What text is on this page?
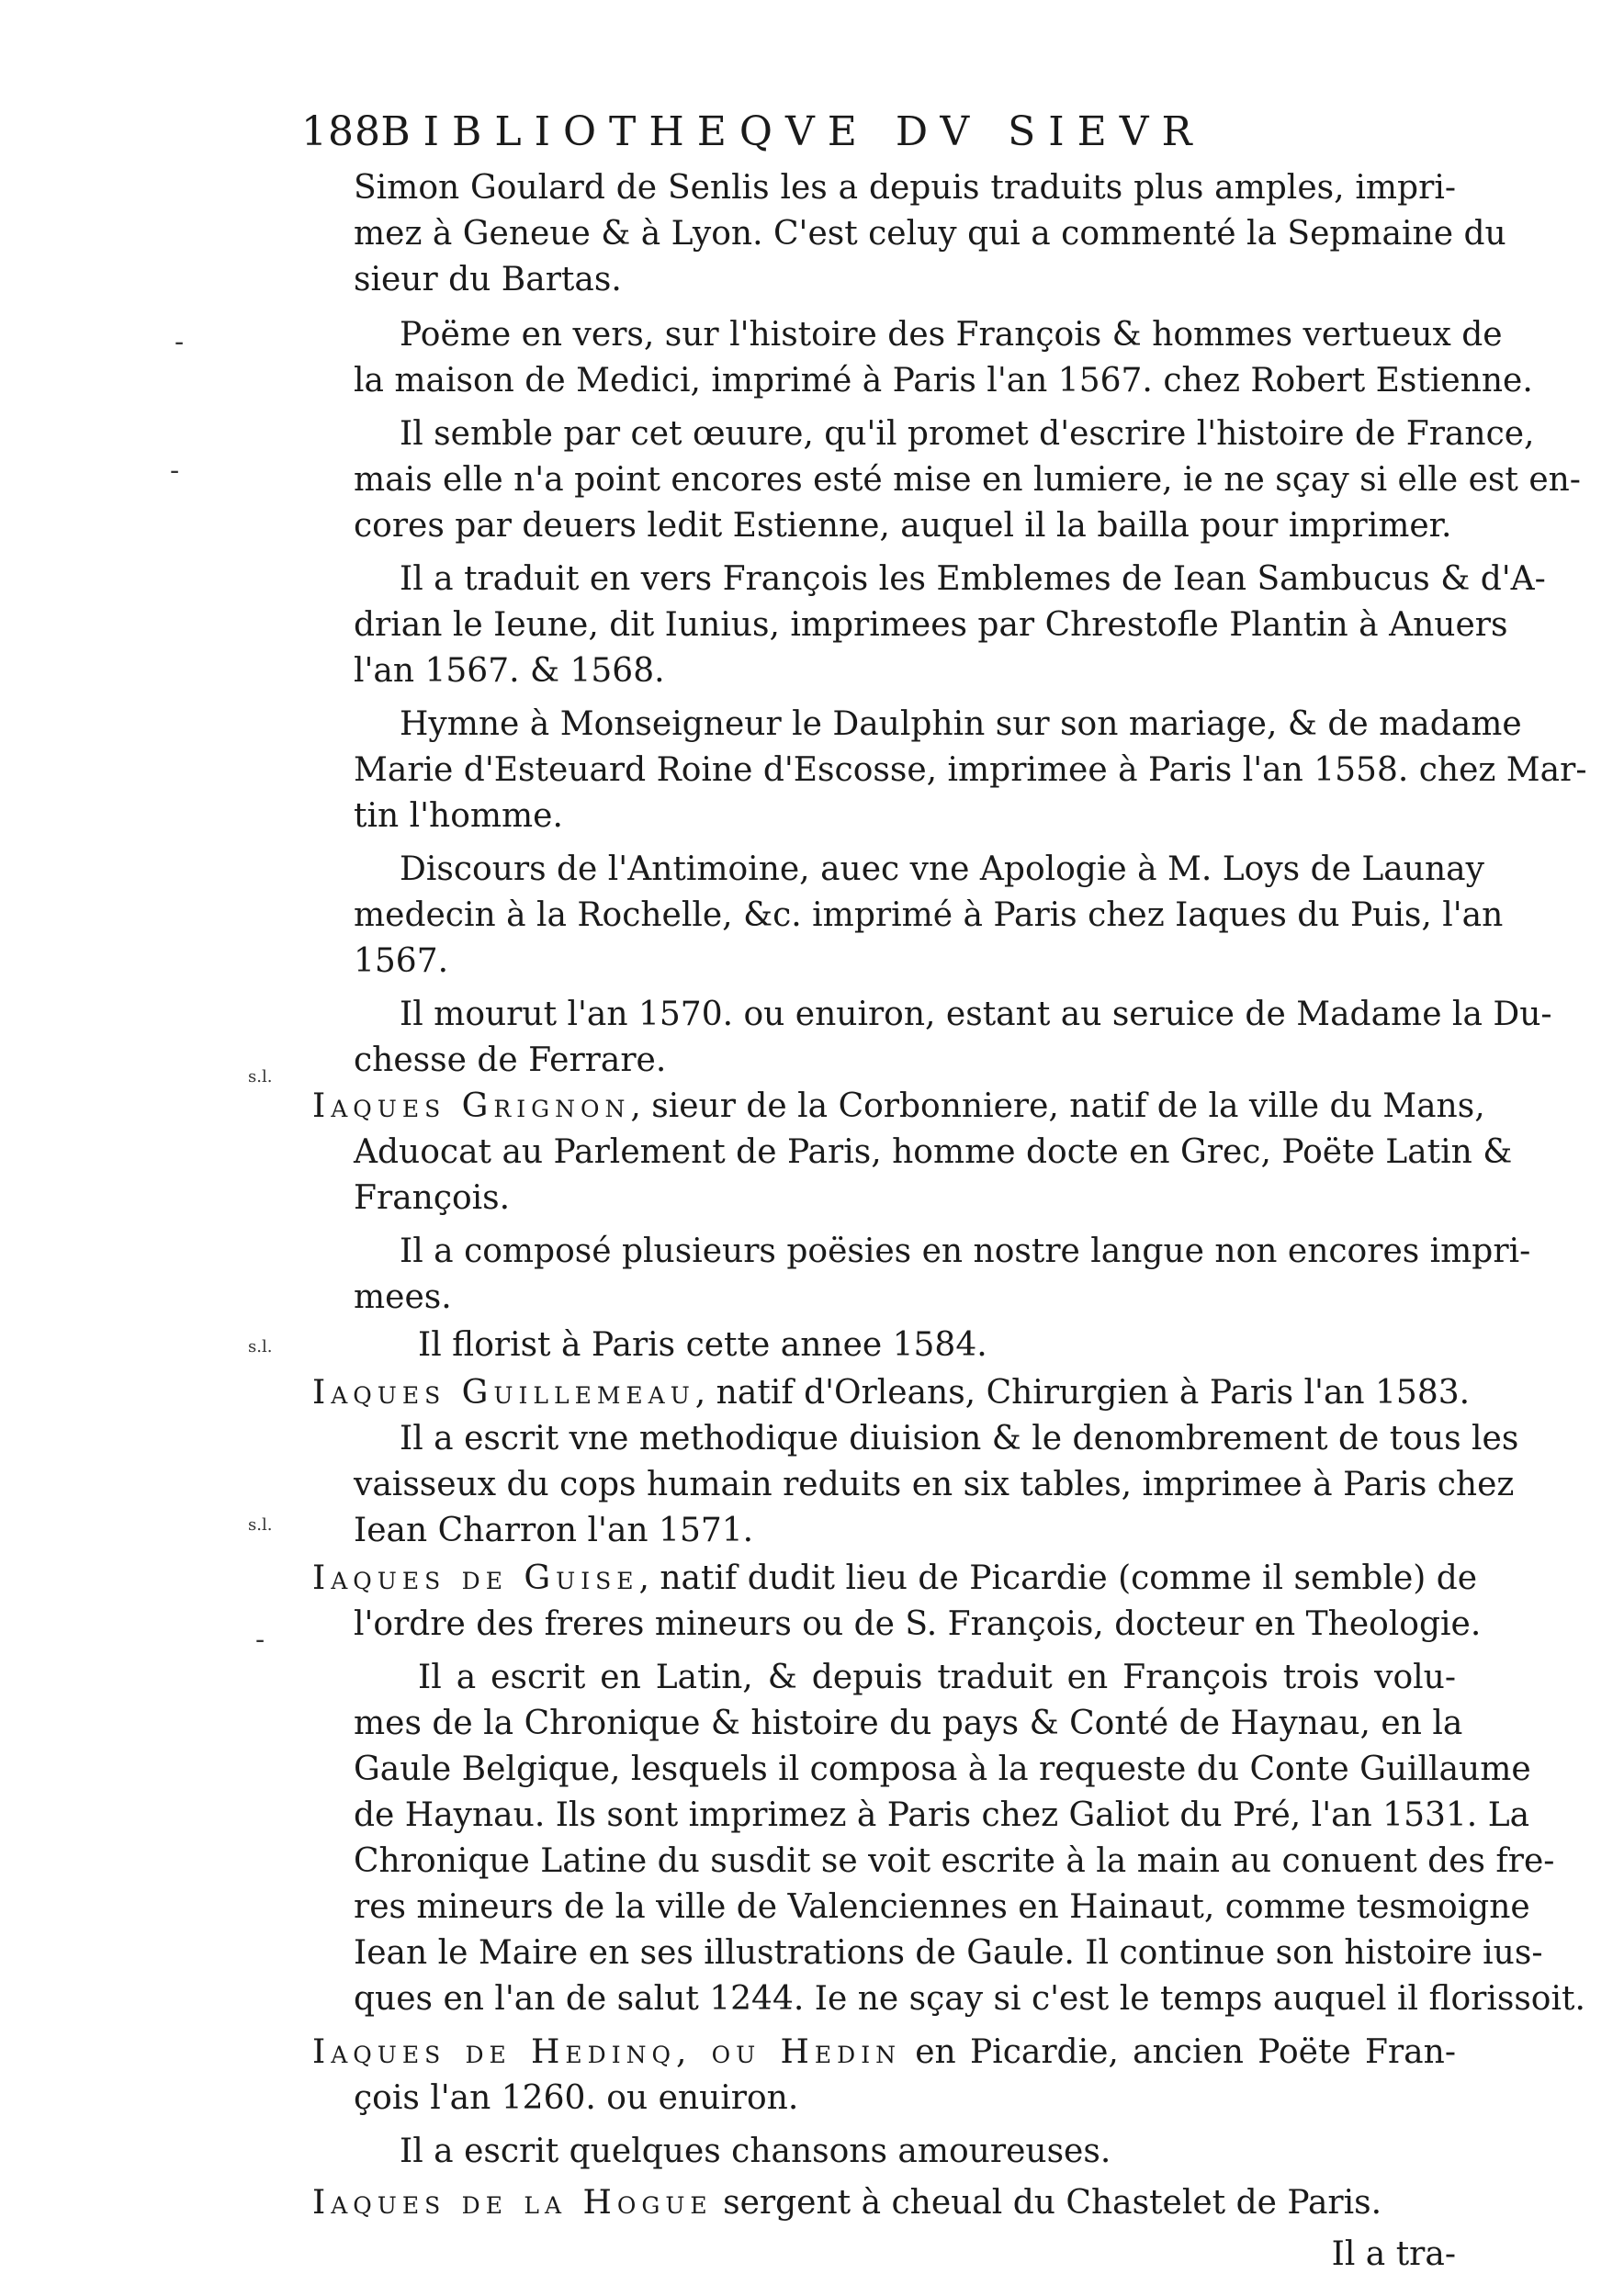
188 BIBLIOTHEQVE DV SIEVR
-
-
s.l.
s.l.
s.l.
-
Simon Goulard de Senlis les a depuis traduits plus amples, impri-
mez à Geneue & à Lyon. C'est celuy qui a commenté la Sepmaine du
sieur du Bartas.
Poëme en vers, sur l'histoire des François & hommes vertueux de
la maison de Medici, imprimé à Paris l'an 1567. chez Robert Estienne.
Il semble par cet œuure, qu'il promet d'escrire l'histoire de France,
mais elle n'a point encores esté mise en lumiere, ie ne sçay si elle est en-
cores par deuers ledit Estienne, auquel il la bailla pour imprimer.
Il a traduit en vers François les Emblemes de Iean Sambucus & d'A-
drian le Ieune, dit Iunius, imprimees par Chrestofle Plantin à Anuers
l'an 1567. & 1568.
Hymne à Monseigneur le Daulphin sur son mariage, & de madame
Marie d'Esteuard Roine d'Escosse, imprimee à Paris l'an 1558. chez Mar-
tin l'homme.
Discours de l'Antimoine, auec vne Apologie à M. Loys de Launay
medecin à la Rochelle, &c. imprimé à Paris chez Iaques du Puis, l'an
1567.
Il mourut l'an 1570. ou enuiron, estant au seruice de Madame la Du-
chesse de Ferrare.
Iaques Grignon, sieur de la Corbonniere, natif de la ville du Mans,
Aduocat au Parlement de Paris, homme docte en Grec, Poëte Latin &
François.
Il a composé plusieurs poësies en nostre langue non encores impri-
mees.
Il florist à Paris cette annee 1584.
Iaques Guillemeau, natif d'Orleans, Chirurgien à Paris l'an 1583.
Il a escrit vne methodique diuision & le denombrement de tous les
vaisseux du cops humain reduits en six tables, imprimee à Paris chez
Iean Charron l'an 1571.
Iaques de Guise, natif dudit lieu de Picardie (comme il semble) de
l'ordre des freres mineurs ou de S. François, docteur en Theologie.
Il a escrit en Latin, & depuis traduit en François trois volu-
mes de la Chronique & histoire du pays & Conté de Haynau, en la
Gaule Belgique, lesquels il composa à la requeste du Conte Guillaume
de Haynau. Ils sont imprimez à Paris chez Galiot du Pré, l'an 1531. La
Chronique Latine du susdit se voit escrite à la main au conuent des fre-
res mineurs de la ville de Valenciennes en Hainaut, comme tesmoigne
Iean le Maire en ses illustrations de Gaule. Il continue son histoire ius-
ques en l'an de salut 1244. Ie ne sçay si c'est le temps auquel il florissoit.
Iaques de Hedinq, ou Hedin en Picardie, ancien Poëte Fran-
çois l'an 1260. ou enuiron.
Il a escrit quelques chansons amoureuses.
Iaques de la Hogue sergent à cheual du Chastelet de Paris.
Il a tra-
